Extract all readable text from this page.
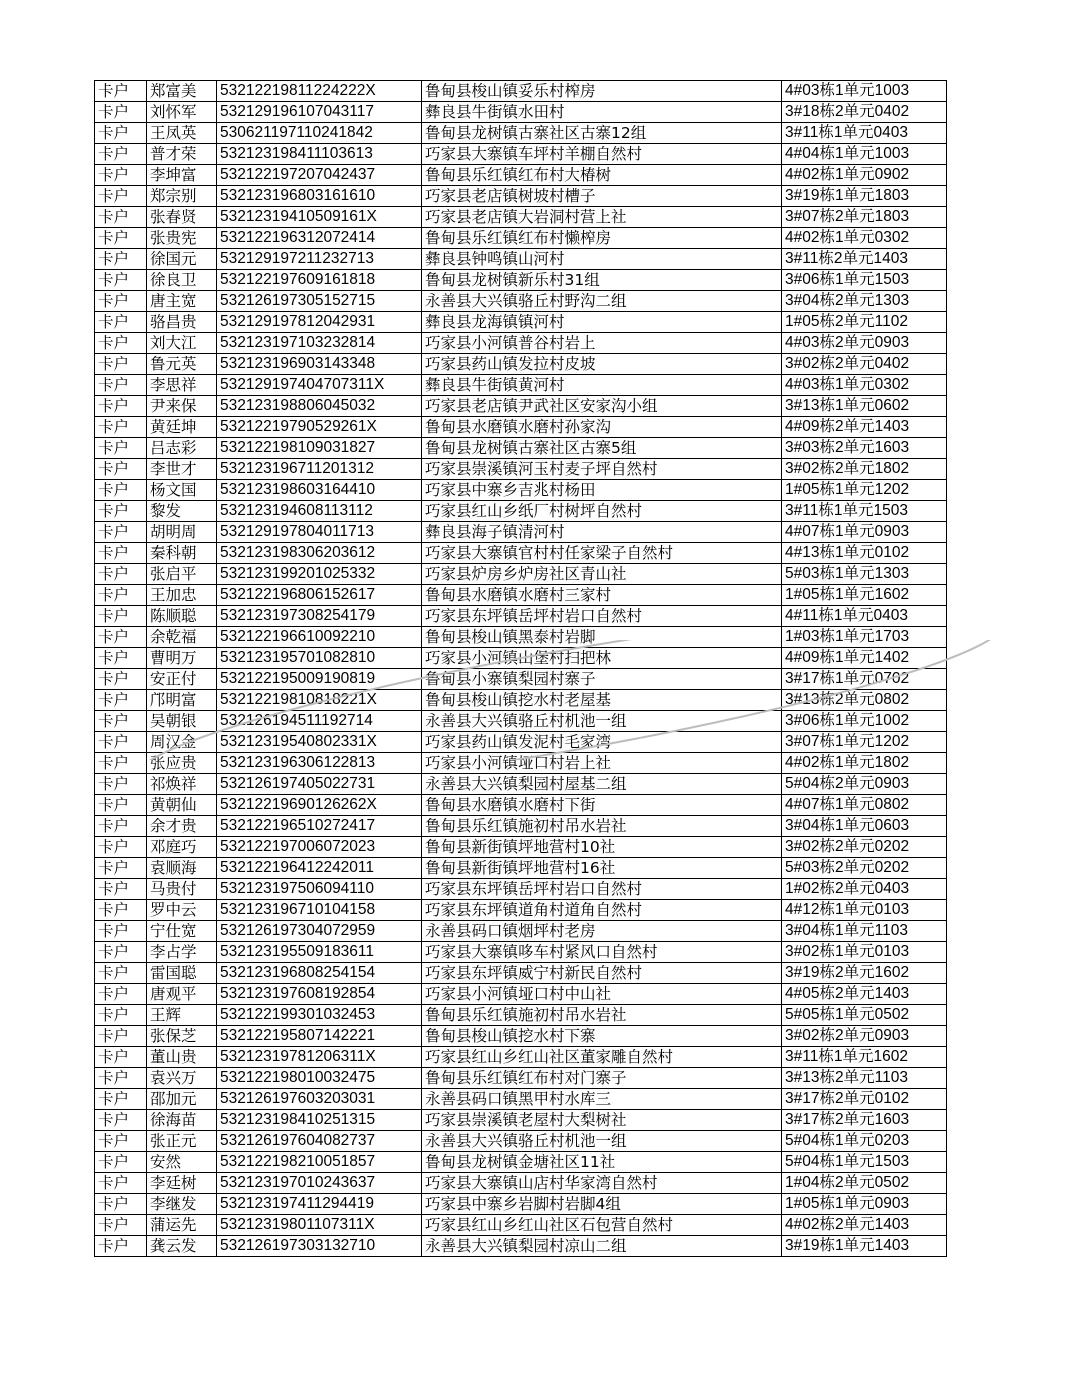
卡户	郑富美	53212219811224222X	鲁甸县梭山镇妥乐村榨房	4#03栋1单元1003
卡户	刘怀军	532129196107043117	彝良县牛街镇水田村	3#18栋2单元0402
卡户	王凤英	530621197110241842	鲁甸县龙树镇古寨社区古寨12组	3#11栋1单元0403
卡户	普才荣	532123198411103613	巧家县大寨镇车坪村羊棚自然村	4#04栋1单元1003
卡户	李坤富	532122197207042437	鲁甸县乐红镇红布村大椿树	4#02栋1单元0902
卡户	郑宗别	532123196803161610	巧家县老店镇树坡村槽子	3#19栋1单元1803
卡户	张春贤	53212319410509161X	巧家县老店镇大岩洞村营上社	3#07栋2单元1803
卡户	张贵宪	532122196312072414	鲁甸县乐红镇红布村懒榨房	4#02栋1单元0302
卡户	徐国元	532129197211232713	彝良县钟鸣镇山河村	3#11栋2单元1403
卡户	徐良卫	532122197609161818	鲁甸县龙树镇新乐村31组	3#06栋1单元1503
卡户	唐主宽	532126197305152715	永善县大兴镇骆丘村野沟二组	3#04栋2单元1303
卡户	骆昌贵	532129197812042931	彝良县龙海镇镇河村	1#05栋2单元1102
卡户	刘大江	532123197103232814	巧家县小河镇普谷村岩上	4#03栋2单元0903
卡户	鲁元英	532123196903143348	巧家县药山镇发拉村皮坡	3#02栋2单元0402
卡户	李思祥	532129197404707311X	彝良县牛街镇黄河村	4#03栋1单元0302
卡户	尹来保	532123198806045032	巧家县老店镇尹武社区安家沟小组	3#13栋1单元0602
卡户	黄廷坤	53212219790529261X	鲁甸县水磨镇水磨村孙家沟	4#09栋2单元1403
卡户	吕志彩	532122198109031827	鲁甸县龙树镇古寨社区古寨5组	3#03栋2单元1603
卡户	李世才	532123196711201312	巧家县崇溪镇河玉村麦子坪自然村	3#02栋2单元1802
卡户	杨文国	532123198603164410	巧家县中寨乡吉兆村杨田	1#05栋1单元1202
卡户	黎发	532123194608113112	巧家县红山乡纸厂村树坪自然村	3#11栋1单元1503
卡户	胡明周	532129197804011713	彝良县海子镇清河村	4#07栋1单元0903
卡户	秦科朝	532123198306203612	巧家县大寨镇官村村任家梁子自然村	4#13栋1单元0102
卡户	张启平	532123199201025332	巧家县炉房乡炉房社区青山社	5#03栋1单元1303
卡户	王加忠	532122196806152617	鲁甸县水磨镇水磨村三家村	1#05栋1单元1602
卡户	陈顺聪	532123197308254179	巧家县东坪镇岳坪村岩口自然村	4#11栋1单元0403
卡户	余乾福	532122196610092210	鲁甸县梭山镇黑泰村岩脚	1#03栋1单元1703
卡户	曹明万	532123195701082810	巧家县小河镇山堡村扫把林	4#09栋1单元1402
卡户	安正付	532122195009190819	鲁甸县小寨镇梨园村寨子	3#17栋1单元0702
卡户	邝明富	53212219810818221X	鲁甸县梭山镇挖水村老屋基	3#13栋2单元0802
卡户	吴朝银	532126194511192714	永善县大兴镇骆丘村机池一组	3#06栋1单元1002
卡户	周汉金	53212319540802331X	巧家县药山镇发泥村毛家湾	3#07栋1单元1202
卡户	张应贵	532123196306122813	巧家县小河镇垭口村岩上社	4#02栋1单元1802
卡户	祁焕祥	532126197405022731	永善县大兴镇梨园村屋基二组	5#04栋2单元0903
卡户	黄朝仙	53212219690126262X	鲁甸县水磨镇水磨村下街	4#07栋1单元0802
卡户	余才贵	532122196510272417	鲁甸县乐红镇施初村吊水岩社	3#04栋1单元0603
卡户	邓庭巧	532122197006072023	鲁甸县新街镇坪地营村10社	3#02栋2单元0202
卡户	袁顺海	532122196412242011	鲁甸县新街镇坪地营村16社	5#03栋2单元0202
卡户	马贵付	532123197506094110	巧家县东坪镇岳坪村岩口自然村	1#02栋2单元0403
卡户	罗中云	532123196710104158	巧家县东坪镇道角村道角自然村	4#12栋1单元0103
卡户	宁仕宽	532126197304072959	永善县码口镇烟坪村老房	3#04栋1单元1103
卡户	李占学	532123195509183611	巧家县大寨镇哆车村紧风口自然村	3#02栋1单元0103
卡户	雷国聪	532123196808254154	巧家县东坪镇威宁村新民自然村	3#19栋2单元1602
卡户	唐观平	532123197608192854	巧家县小河镇垭口村中山社	4#05栋2单元1403
卡户	王辉	532122199301032453	鲁甸县乐红镇施初村吊水岩社	5#05栋1单元0502
卡户	张保芝	532122195807142221	鲁甸县梭山镇挖水村下寨	3#02栋2单元0903
卡户	董山贵	53212319781206311X	巧家县红山乡红山社区董家雕自然村	3#11栋1单元1602
卡户	袁兴万	532122198010032475	鲁甸县乐红镇红布村对门寨子	3#13栋2单元1103
卡户	邵加元	532126197603203031	永善县码口镇黑甲村水库三	3#17栋2单元0102
卡户	徐海苗	532123198410251315	巧家县崇溪镇老屋村大梨树社	3#17栋2单元1603
卡户	张正元	532126197604082737	永善县大兴镇骆丘村机池一组	5#04栋1单元0203
卡户	安然	532122198210051857	鲁甸县龙树镇金塘社区11社	5#04栋1单元1503
卡户	李廷树	532123197010243637	巧家县大寨镇山店村华家湾自然村	1#04栋2单元0502
卡户	李继发	532123197411294419	巧家县中寨乡岩脚村岩脚4组	1#05栋1单元0903
卡户	蒲运先	53212319801107311X	巧家县红山乡红山社区石包营自然村	4#02栋2单元1403
卡户	龚云发	532126197303132710	永善县大兴镇梨园村凉山二组	3#19栋1单元1403
